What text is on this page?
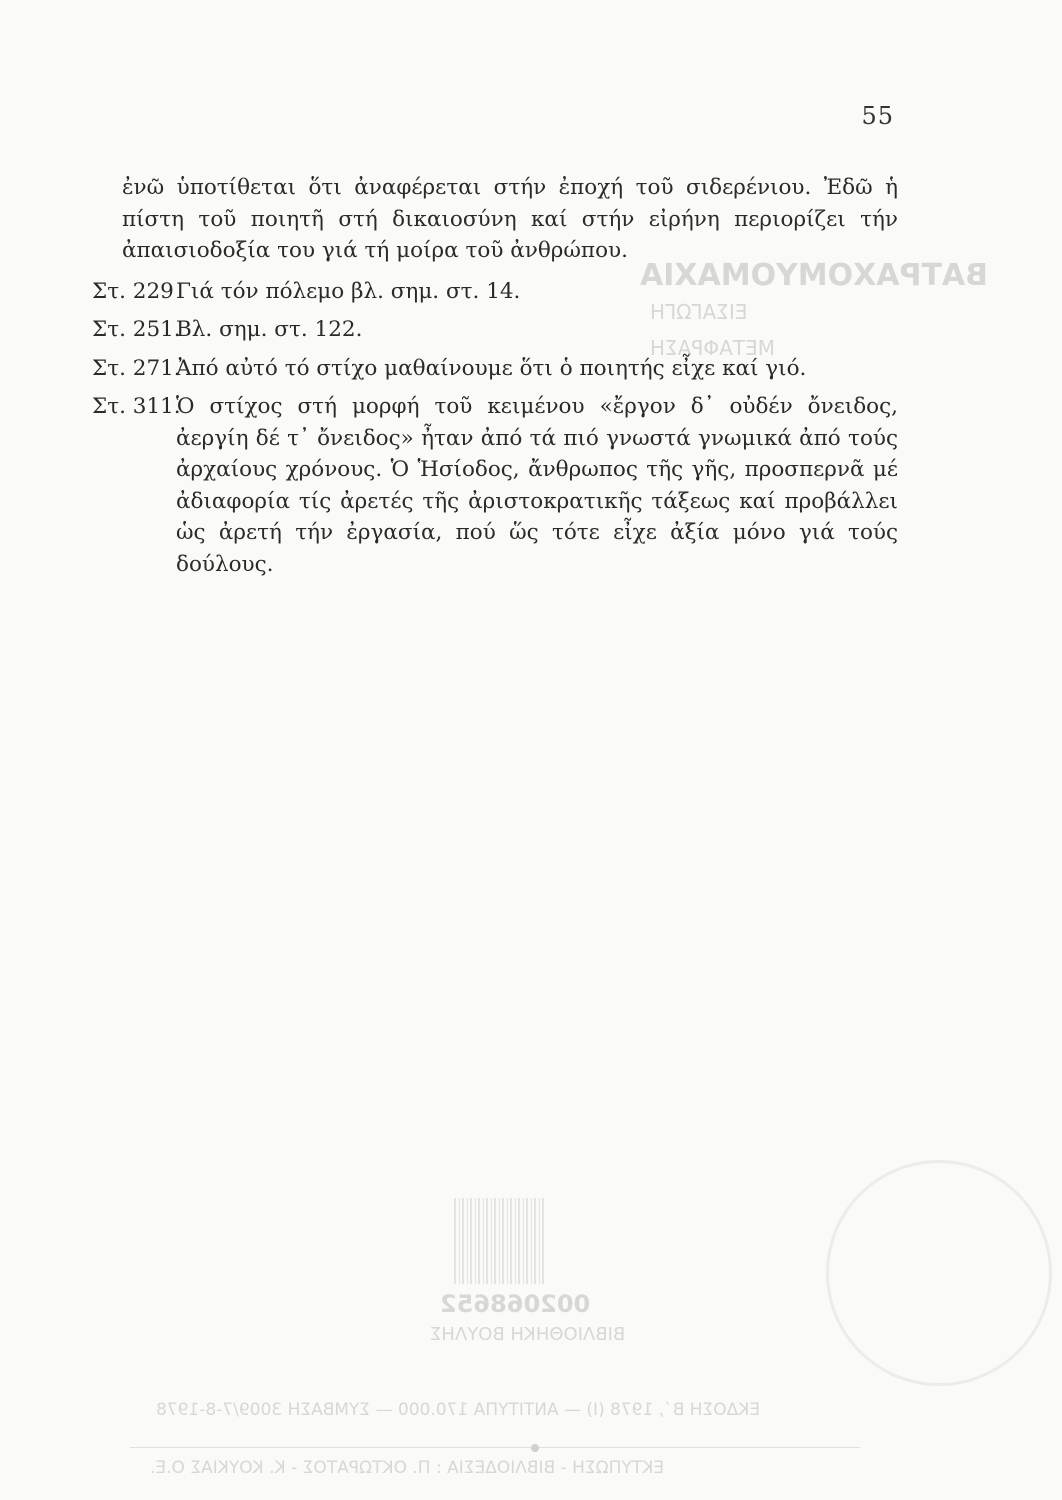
ΒΑΤΡΑΧΟΜΥΟΜΑΧΙΑ
ΕΙΣΑΓΩΓΗ
ΜΕΤΑΦΡΑΣΗ
002068652
ΒΙΒΛΙΟΘΗΚΗ ΒΟΥΛΗΣ
ΕΚΔΟΣΗ Β΄, 1978 (Ι) — ΑΝΤΙΤΥΠΑ 170.000 — ΣΥΜΒΑΣΗ 3009/7-8-1978
ΕΚΤΥΠΩΣΗ - ΒΙΒΛΙΟΔΕΣΙΑ : Π. ΟΚΤΩΡΑΤΟΣ - Κ. ΚΟΥΚΙΑΣ Ο.Ε.
55

ἐνῶ ὑποτίθεται ὅτι ἀναφέρεται στήν ἐποχή τοῦ σιδερένιου. Ἐδῶ ἡ πίστη τοῦ ποιητῆ στή δικαιοσύνη καί στήν εἰρήνη περιορίζει τήν ἀπαισιοδοξία του γιά τή μοίρα τοῦ ἀνθρώπου.

Στ. 229 Γιά τόν πόλεμο βλ. σημ. στ. 14.
Στ. 251.
Βλ. σημ. στ. 122.
Στ. 271.
Ἀπό αὐτό τό στίχο μαθαίνουμε ὅτι ὁ ποιητής εἶχε καί γιό.
Στ. 311.
Ὁ στίχος στή μορφή τοῦ κειμένου «ἔργον δ᾽ οὐδέν ὄνειδος, ἀεργίη δέ τ᾽ ὄνειδος» ἦταν ἀπό τά πιό γνωστά γνωμικά ἀπό τούς ἀρχαίους χρόνους. Ὁ Ἡσίοδος, ἄνθρωπος τῆς γῆς, προσπερνᾶ μέ ἀδιαφορία τίς ἀρετές τῆς ἀριστοκρατικῆς τάξεως καί προβάλλει ὡς ἀρετή τήν ἐργασία, πού ὥς τότε εἶχε ἀξία μόνο γιά τούς δούλους.
